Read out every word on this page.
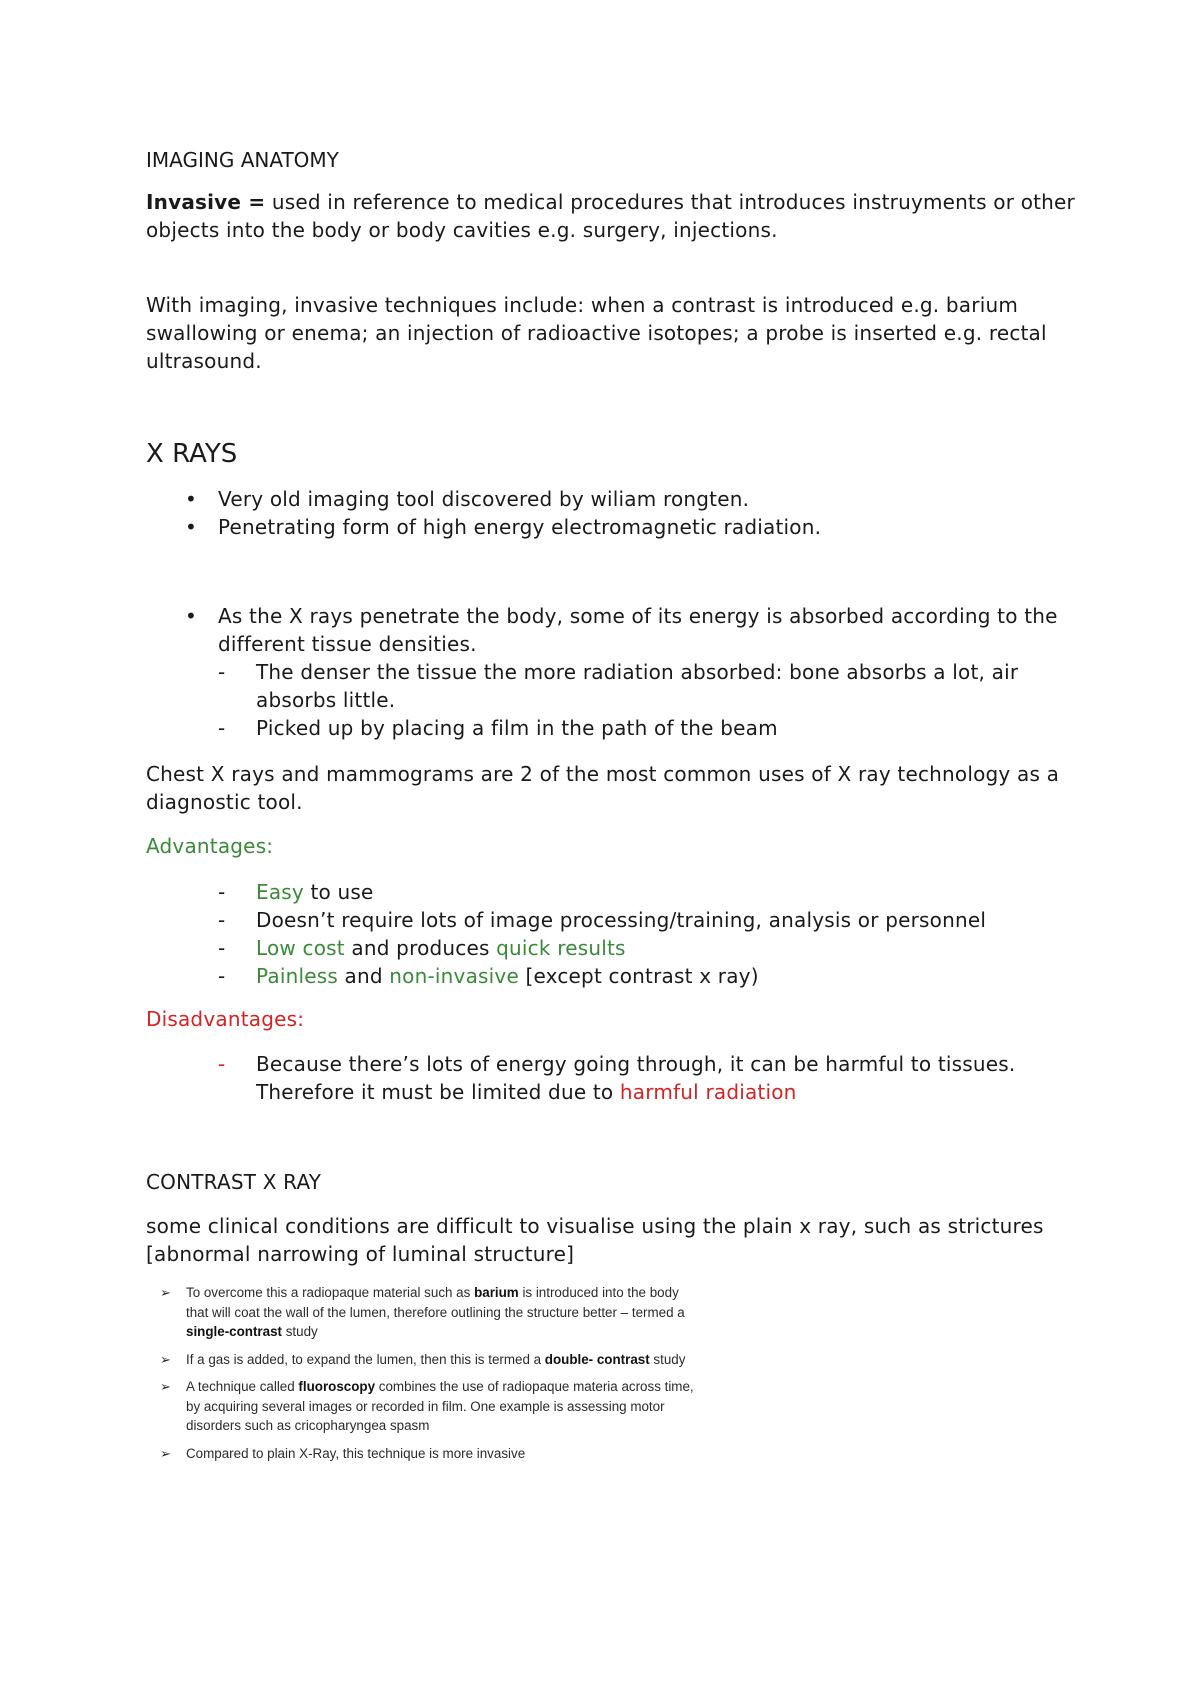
IMAGING ANATOMY
Invasive = used in reference to medical procedures that introduces instruyments or other objects into the body or body cavities e.g. surgery, injections.
With imaging, invasive techniques include: when a contrast is introduced e.g. barium swallowing or enema; an injection of radioactive isotopes; a probe is inserted e.g. rectal ultrasound.
X RAYS
• Very old imaging tool discovered by wiliam rongten.
• Penetrating form of high energy electromagnetic radiation.
• As the X rays penetrate the body, some of its energy is absorbed according to the different tissue densities.
- The denser the tissue the more radiation absorbed: bone absorbs a lot, air absorbs little.
- Picked up by placing a film in the path of the beam
Chest X rays and mammograms are 2 of the most common uses of X ray technology as a diagnostic tool.
Advantages:
- Easy to use
- Doesn’t require lots of image processing/training, analysis or personnel
- Low cost and produces quick results
- Painless and non-invasive [except contrast x ray)
Disadvantages:
- Because there’s lots of energy going through, it can be harmful to tissues. Therefore it must be limited due to harmful radiation
CONTRAST X RAY
some clinical conditions are difficult to visualise using the plain x ray, such as strictures [abnormal narrowing of luminal structure]
➢ To overcome this a radiopaque material such as barium is introduced into the body that will coat the wall of the lumen, therefore outlining the structure better – termed a single-contrast study
➢ If a gas is added, to expand the lumen, then this is termed a double- contrast study
➢ A technique called fluoroscopy combines the use of radiopaque materia across time, by acquiring several images or recorded in film. One example is assessing motor disorders such as cricopharyngea spasm
➢ Compared to plain X-Ray, this technique is more invasive
